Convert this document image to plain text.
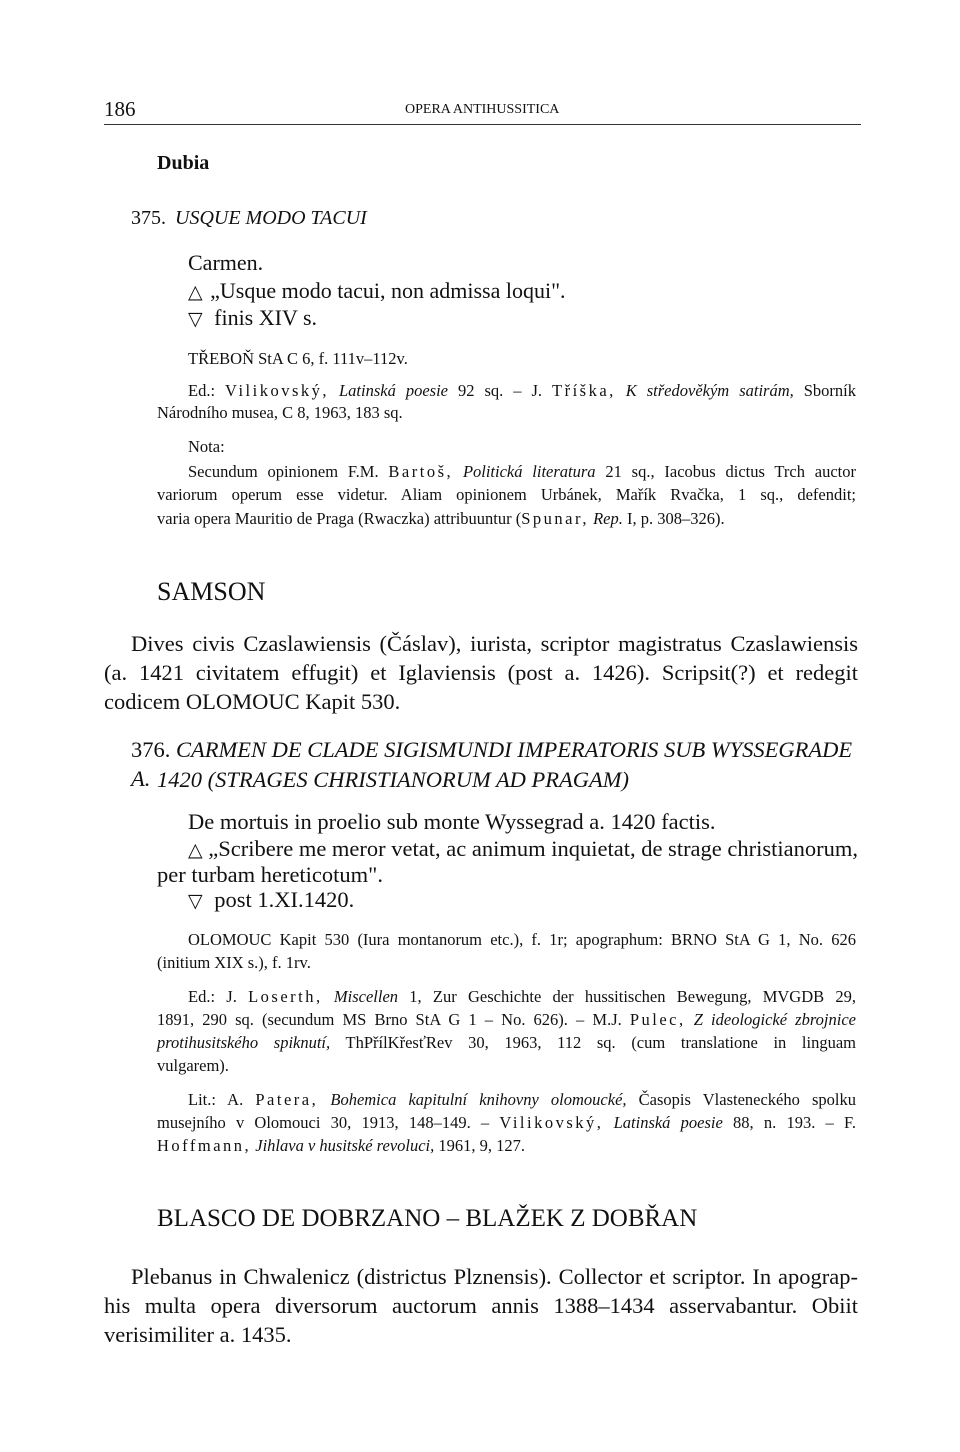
186	OPERA ANTIHUSSITICA
Dubia
375. USQUE MODO TACUI
Carmen.
△ „Usque modo tacui, non admissa loqui".
▽ finis XIV s.
TŘEBOŇ StA C 6, f. 111v–112v.
Ed.: Vilikovský, Latinská poesie 92 sq. – J. Tříška, K středověkým satirám, Sborník
Národního musea, C 8, 1963, 183 sq.
Nota:
Secundum opinionem F.M. Bartoš, Politická literatura 21 sq., Iacobus dictus Trch auctor
variorum operum esse videtur. Aliam opinionem Urbánek, Mařík Rvačka, 1 sq., defendit;
varia opera Mauritio de Praga (Rwaczka) attribuuntur (Spunar, Rep. I, p. 308–326).
SAMSON
Dives civis Czaslawiensis (Čáslav), iurista, scriptor magistratus Czaslawiensis
(a. 1421 civitatem effugit) et Iglaviensis (post a. 1426). Scripsit(?) et redegit
codicem OLOMOUC Kapit 530.
376. CARMEN DE CLADE SIGISMUNDI IMPERATORIS SUB WYSSEGRADE A. 1420 (STRAGES CHRISTIANORUM AD PRAGAM)
De mortuis in proelio sub monte Wyssegrad a. 1420 factis.
△ „Scribere me meror vetat, ac animum inquietat, de strage christianorum,
per turbam hereticotum".
▽ post 1.XI.1420.
OLOMOUC Kapit 530 (Iura montanorum etc.), f. 1r; apographum: BRNO StA G 1, No. 626
(initium XIX s.), f. 1rv.
Ed.: J. Loserth, Miscellen 1, Zur Geschichte der hussitischen Bewegung, MVGDB 29,
1891, 290 sq. (secundum MS Brno StA G 1 – No. 626). – M.J. Pulec, Z ideologické zbrojnice
protihusitského spiknutí, ThPřílKřesťRev 30, 1963, 112 sq. (cum translatione in linguam
vulgarem).
Lit.: A. Patera, Bohemica kapitulní knihovny olomoucké, Časopis Vlasteneckého spolku
musejního v Olomouci 30, 1913, 148–149. – Vilikovský, Latinská poesie 88, n. 193. – F.
Hoffmann, Jihlava v husitské revoluci, 1961, 9, 127.
BLASCO DE DOBRZANO – BLAŽEK Z DOBŘAN
Plebanus in Chwalenicz (districtus Plznensis). Collector et scriptor. In apograp-
his multa opera diversorum auctorum annis 1388–1434 asservabantur. Obiit
verisimiliter a. 1435.
